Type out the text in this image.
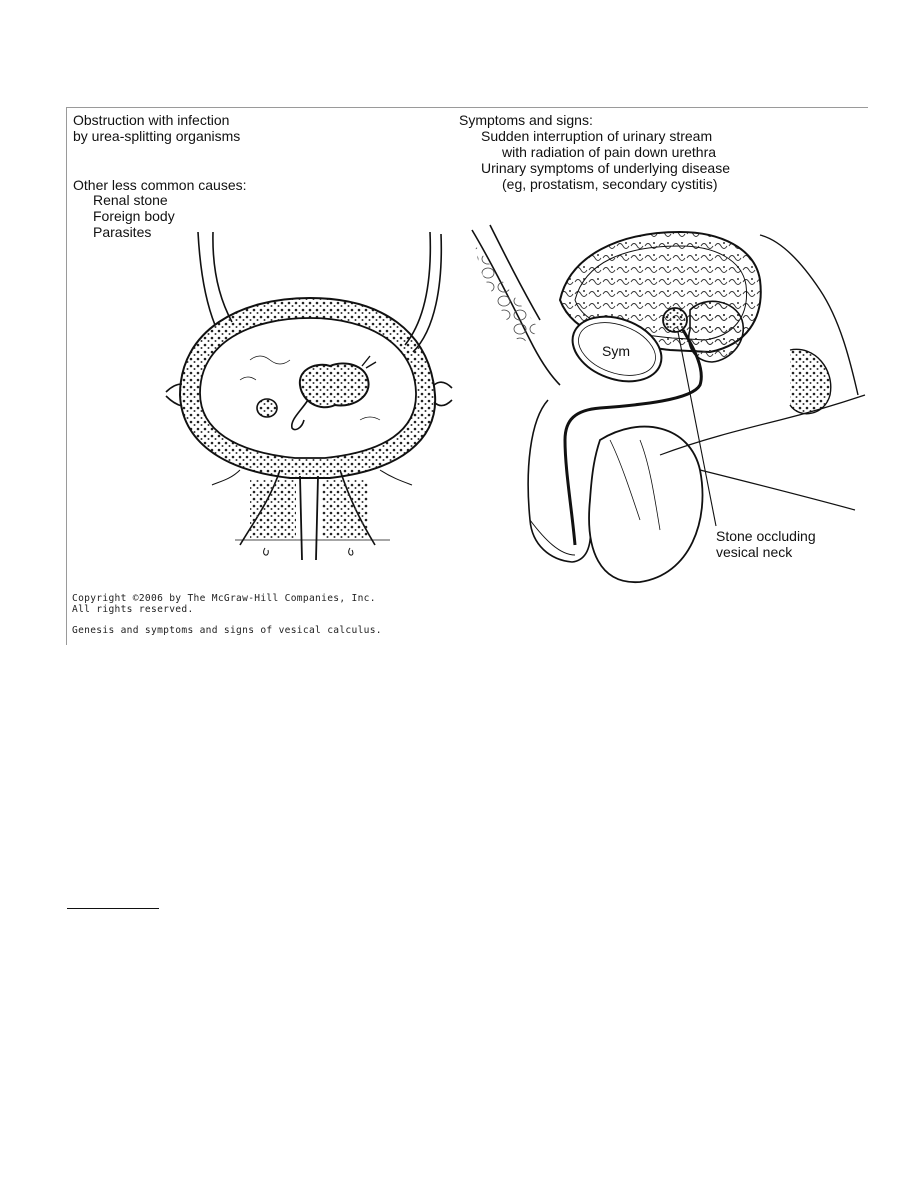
Obstruction with infection
by urea-splitting organisms
Other less common causes:
Renal stone
Foreign body
Parasites
Symptoms and signs:
Sudden interruption of urinary stream
with radiation of pain down urethra
Urinary symptoms of underlying disease
(eg, prostatism, secondary cystitis)
Sym
Stone occluding
vesical neck
Copyright ©2006 by The McGraw-Hill Companies, Inc.
All rights reserved.
Genesis and symptoms and signs of vesical calculus.
